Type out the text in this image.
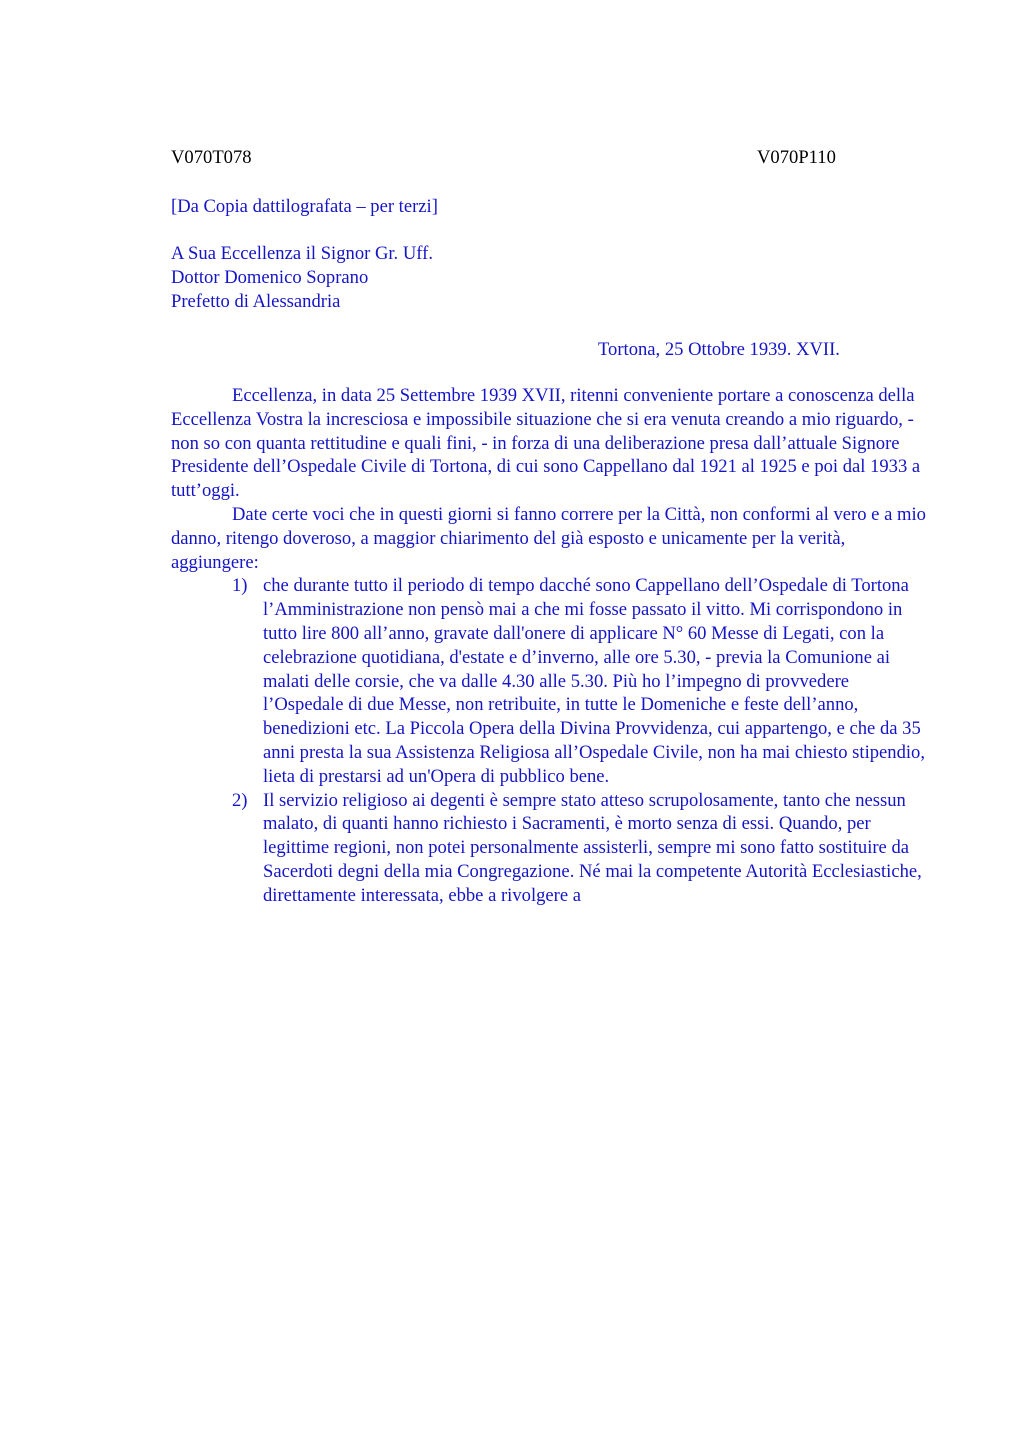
V070T078	V070P110
[Da Copia dattilografata – per terzi]
A Sua Eccellenza il Signor Gr. Uff.
Dottor Domenico Soprano
Prefetto di Alessandria
Tortona, 25 Ottobre 1939. XVII.

Eccellenza, in data 25 Settembre 1939 XVII, ritenni conveniente portare a conoscenza della Eccellenza Vostra la incresciosa e impossibile situazione che si era venuta creando a mio riguardo, - non so con quanta rettitudine e quali fini, - in forza di una deliberazione presa dall’attuale Signore Presidente dell’Ospedale Civile di Tortona, di cui sono Cappellano dal 1921 al 1925 e poi dal 1933 a tutt’oggi.

Date certe voci che in questi giorni si fanno correre per la Città, non conformi al vero e a mio danno, ritengo doveroso, a maggior chiarimento del già esposto e unicamente per la verità, aggiungere:

1) che durante tutto il periodo di tempo dacché sono Cappellano dell’Ospedale di Tortona l’Amministrazione non pensò mai a che mi fosse passato il vitto. Mi corrispondono in tutto lire 800 all’anno, gravate dall'onere di applicare N° 60 Messe di Legati, con la celebrazione quotidiana, d'estate e d’inverno, alle ore 5.30, - previa la Comunione ai malati delle corsie, che va dalle 4.30 alle 5.30. Più ho l’impegno di provvedere l’Ospedale di due Messe, non retribuite, in tutte le Domeniche e feste dell’anno, benedizioni etc. La Piccola Opera della Divina Provvidenza, cui appartengo, e che da 35 anni presta la sua Assistenza Religiosa all’Ospedale Civile, non ha mai chiesto stipendio, lieta di prestarsi ad un'Opera di pubblico bene.
2) Il servizio religioso ai degenti è sempre stato atteso scrupolosamente, tanto che nessun malato, di quanti hanno richiesto i Sacramenti, è morto senza di essi. Quando, per legittime regioni, non potei personalmente assisterli, sempre mi sono fatto sostituire da Sacerdoti degni della mia Congregazione. Né mai la competente Autorità Ecclesiastiche, direttamente interessata, ebbe a rivolgere a
